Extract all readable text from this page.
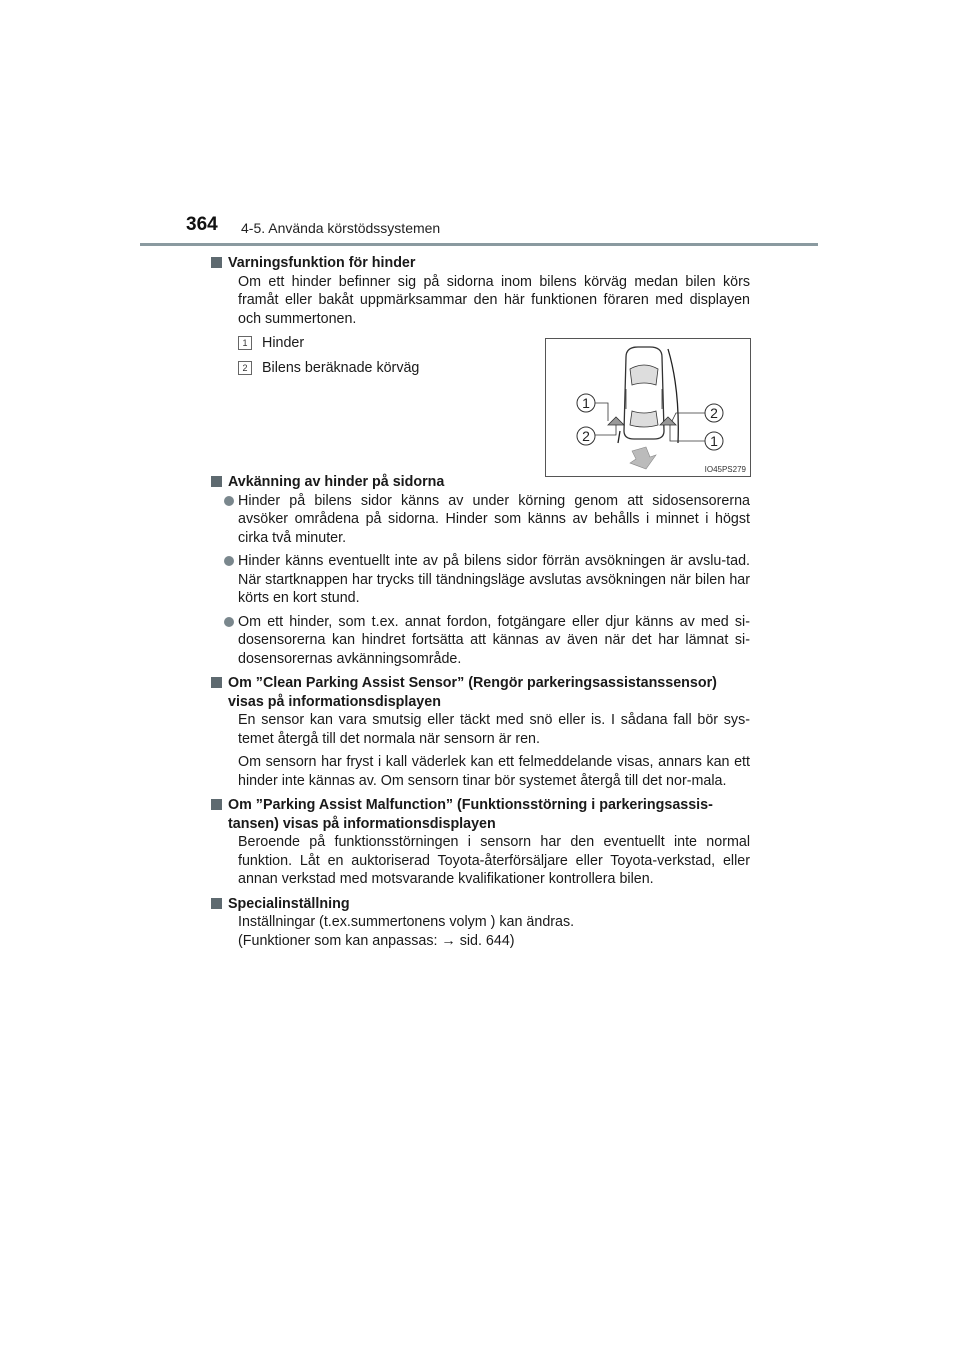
364 4-5. Använda körstödssystemen
Varningsfunktion för hinder
Om ett hinder befinner sig på sidorna inom bilens körväg medan bilen körs framåt eller bakåt uppmärksammar den här funktionen föraren med displayen och summertonen.
1	Hinder
2	Bilens beräknade körväg
Avkänning av hinder på sidorna
Hinder på bilens sidor känns av under körning genom att sidosensorerna avsöker områdena på sidorna. Hinder som känns av behålls i minnet i högst cirka två minuter.
Hinder känns eventuellt inte av på bilens sidor förrän avsökningen är avslu-tad. När startknappen har trycks till tändningsläge avslutas avsökningen när bilen har körts en kort stund.
Om ett hinder, som t.ex. annat fordon, fotgängare eller djur känns av med si-dosensorerna kan hindret fortsätta att kännas av även när det har lämnat si-dosensorernas avkänningsområde.
Om ”Clean Parking Assist Sensor” (Rengör parkeringsassistanssensor) visas på informationsdisplayen
En sensor kan vara smutsig eller täckt med snö eller is. I sådana fall bör sys-temet återgå till det normala när sensorn är ren.
Om sensorn har fryst i kall väderlek kan ett felmeddelande visas, annars kan ett hinder inte kännas av. Om sensorn tinar bör systemet återgå till det nor-mala.
Om ”Parking Assist Malfunction” (Funktionsstörning i parkeringsassis-tansen) visas på informationsdisplayen
Beroende på funktionsstörningen i sensorn har den eventuellt inte normal funktion. Låt en auktoriserad Toyota-återförsäljare eller Toyota-verkstad, eller annan verkstad med motsvarande kvalifikationer kontrollera bilen.
Specialinställning
Inställningar (t.ex.summertonens volym ) kan ändras.
(Funktioner som kan anpassas: → sid. 644)
1
2
2
1
IO45PS279
